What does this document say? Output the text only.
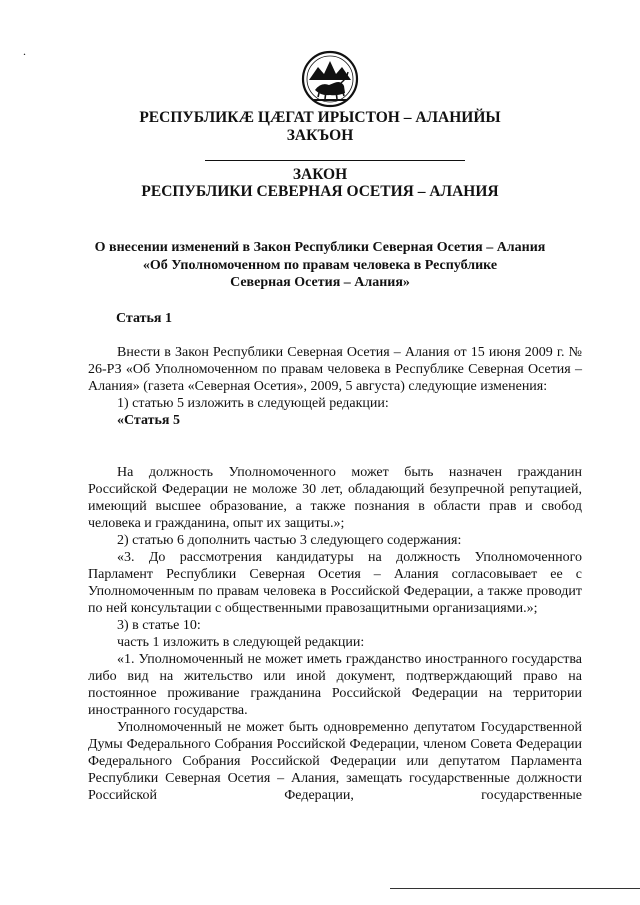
.
РЕСПУБЛИКÆ ЦÆГАТ ИРЫСТОН – АЛАНИЙЫ
ЗАКЪОН
ЗАКОН
РЕСПУБЛИКИ СЕВЕРНАЯ ОСЕТИЯ – АЛАНИЯ
О внесении изменений в Закон Республики Северная Осетия – Алания
«Об Уполномоченном по правам человека в Республике
Северная Осетия – Алания»
Статья 1

Внести в Закон Республики Северная Осетия – Алания от 15 июня 2009 г. № 26-РЗ «Об Уполномоченном по правам человека в Республике Северная Осетия – Алания» (газета «Северная Осетия», 2009, 5 августа) следующие изменения:

1) статью 5 изложить в следующей редакции:

«Статья 5

На должность Уполномоченного может быть назначен гражданин Российской Федерации не моложе 30 лет, обладающий безупречной репутацией, имеющий высшее образование, а также познания в области прав и свобод человека и гражданина, опыт их защиты.»;

2) статью 6 дополнить частью 3 следующего содержания:

«3. До рассмотрения кандидатуры на должность Уполномоченного Парламент Республики Северная Осетия – Алания согласовывает ее с Уполномоченным по правам человека в Российской Федерации, а также проводит по ней консультации с общественными правозащитными организациями.»;

3) в статье 10:

часть 1 изложить в следующей редакции:

«1. Уполномоченный не может иметь гражданство иностранного государства либо вид на жительство или иной документ, подтверждающий право на постоянное проживание гражданина Российской Федерации на территории иностранного государства.

Уполномоченный не может быть одновременно депутатом Государственной Думы Федерального Собрания Российской Федерации, членом Совета Федерации Федерального Собрания Российской Федерации или депутатом Парламента Республики Северная Осетия – Алания, замещать государственные должности Российской Федерации, государственные
